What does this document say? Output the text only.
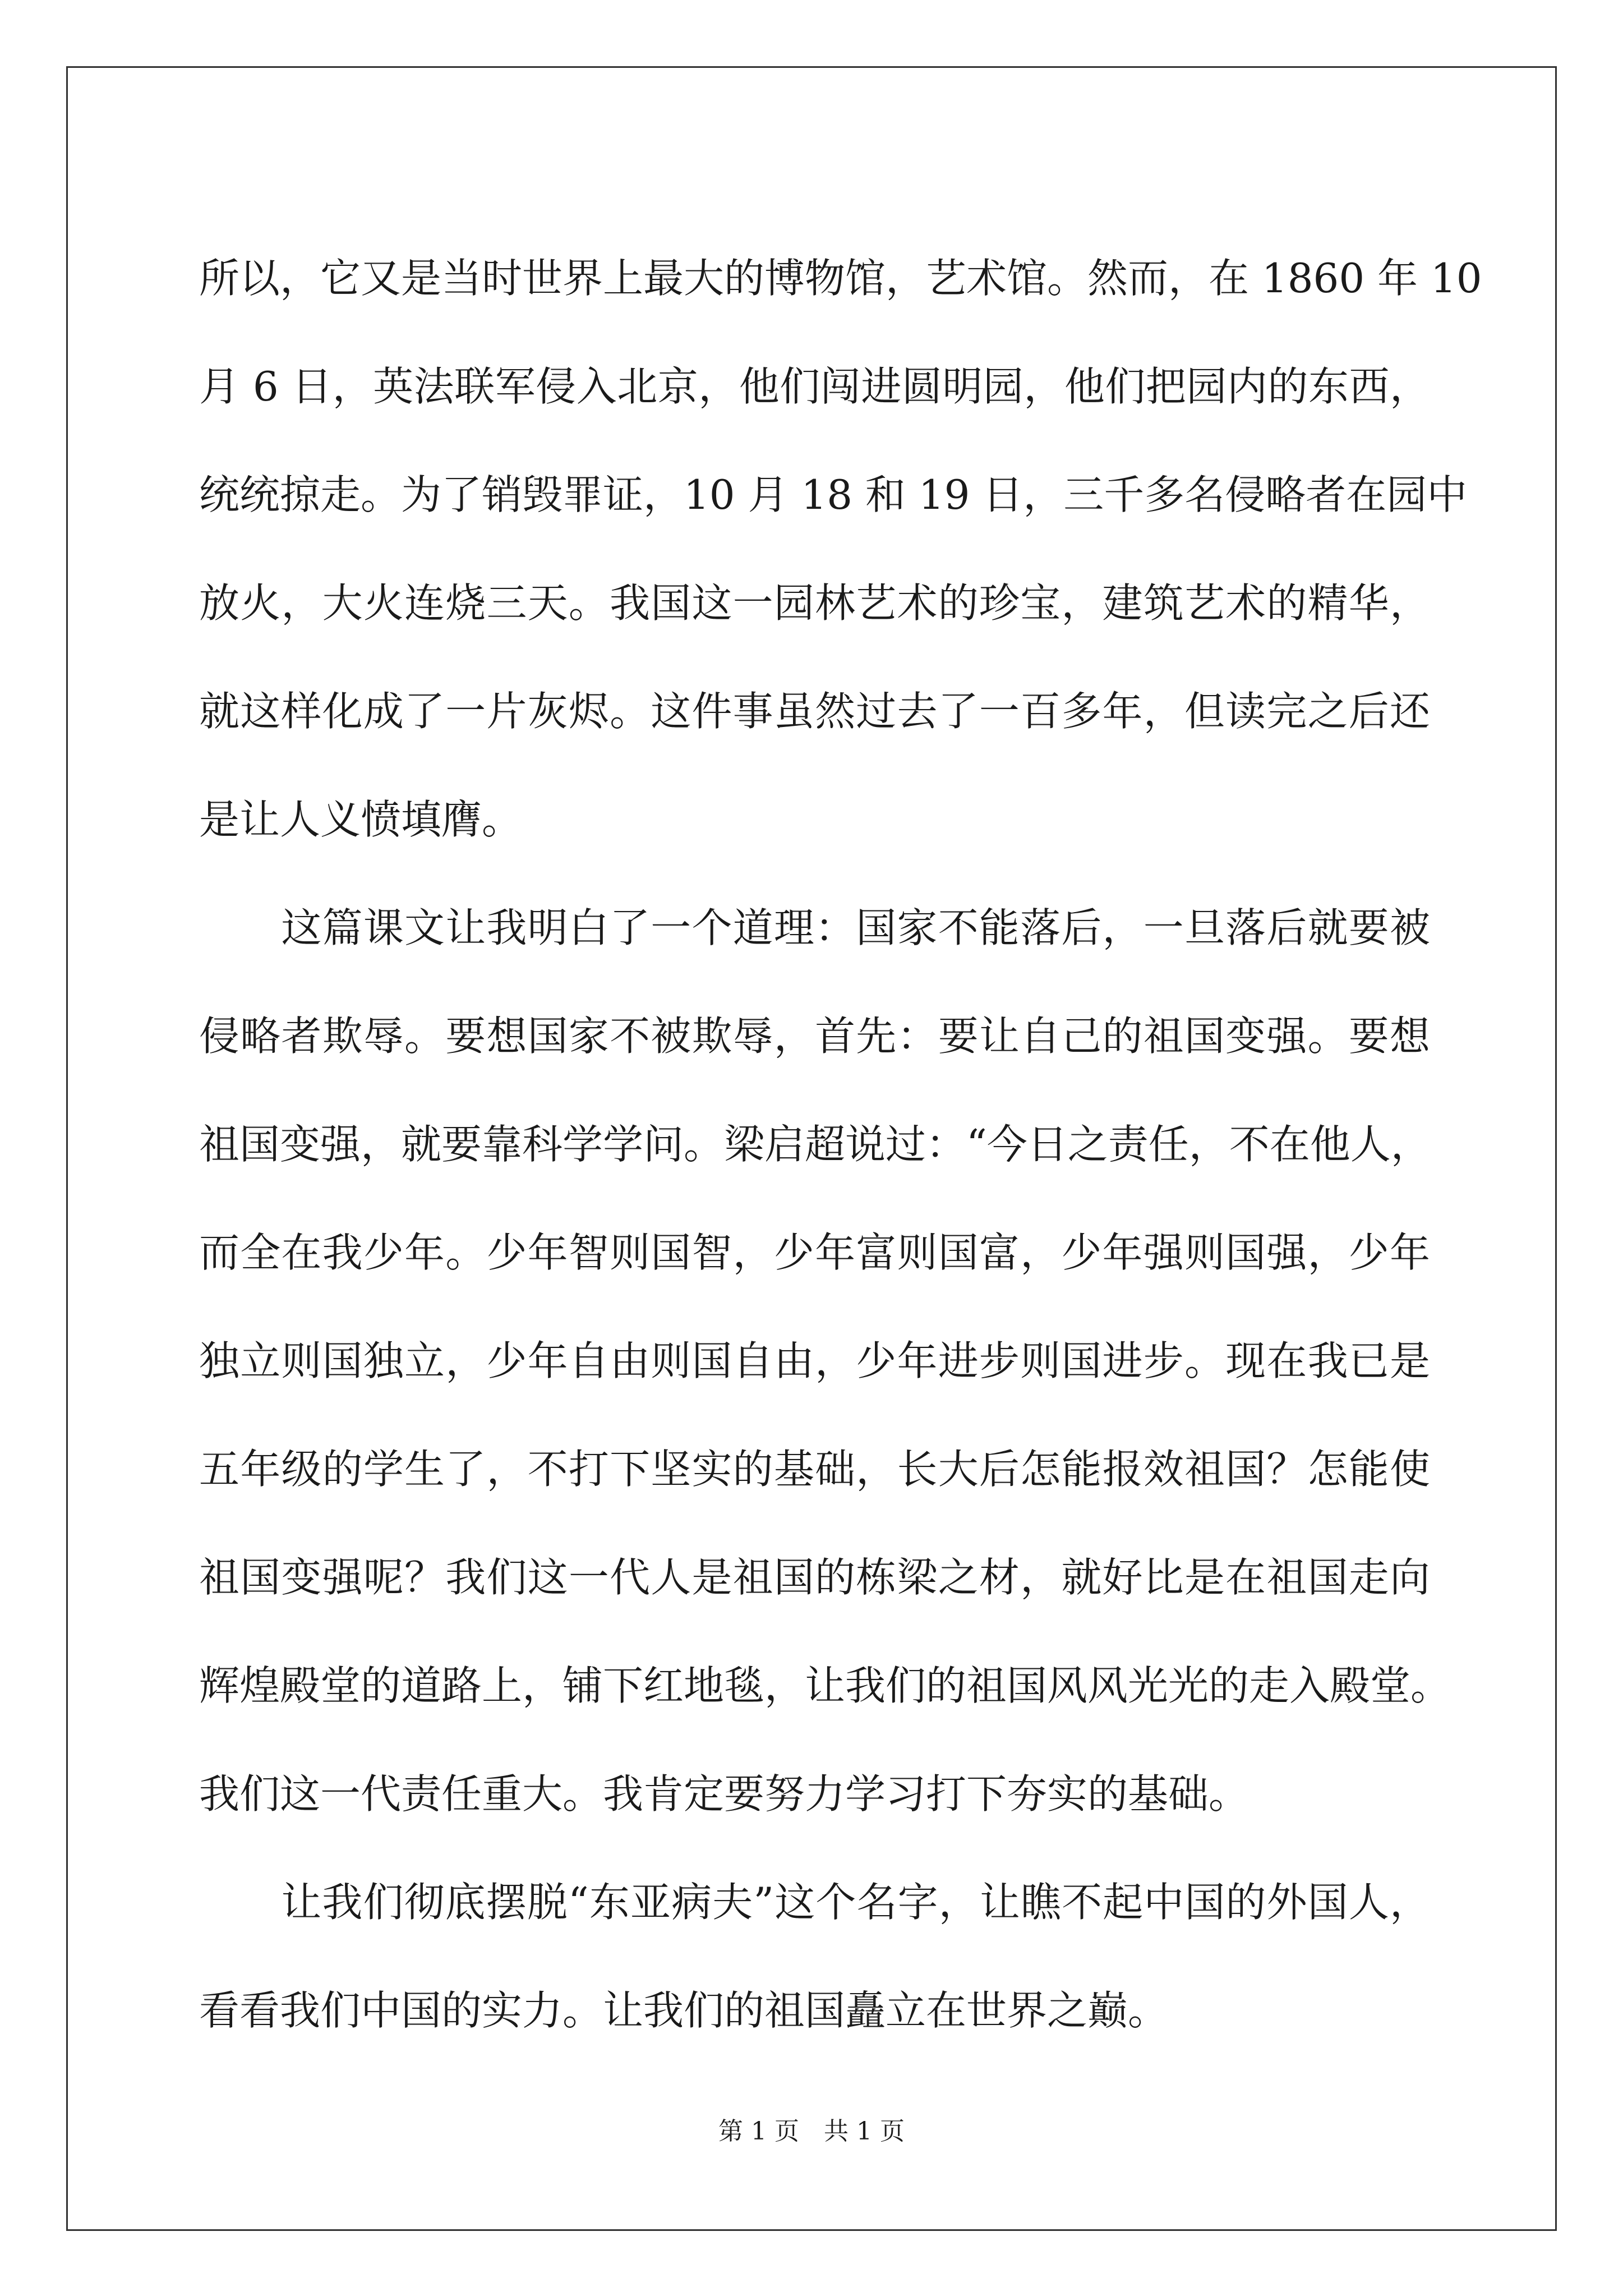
所以，它又是当时世界上最大的博物馆，艺术馆。然而，在 1860 年 10
月 6 日，英法联军侵入北京，他们闯进圆明园，他们把园内的东西，
统统掠走。为了销毁罪证，10 月 18 和 19 日，三千多名侵略者在园中
放火，大火连烧三天。我国这一园林艺术的珍宝，建筑艺术的精华，
就这样化成了一片灰烬。这件事虽然过去了一百多年，但读完之后还
是让人义愤填膺。
　　这篇课文让我明白了一个道理：国家不能落后，一旦落后就要被
侵略者欺辱。要想国家不被欺辱，首先：要让自己的祖国变强。要想
祖国变强，就要靠科学学问。梁启超说过：“今日之责任，不在他人，
而全在我少年。少年智则国智，少年富则国富，少年强则国强，少年
独立则国独立，少年自由则国自由，少年进步则国进步。现在我已是
五年级的学生了，不打下坚实的基础，长大后怎能报效祖国？怎能使
祖国变强呢？我们这一代人是祖国的栋梁之材，就好比是在祖国走向
辉煌殿堂的道路上，铺下红地毯，让我们的祖国风风光光的走入殿堂。
我们这一代责任重大。我肯定要努力学习打下夯实的基础。
　　让我们彻底摆脱“东亚病夫”这个名字，让瞧不起中国的外国人，
看看我们中国的实力。让我们的祖国矗立在世界之巅。
第 1 页　共 1 页
